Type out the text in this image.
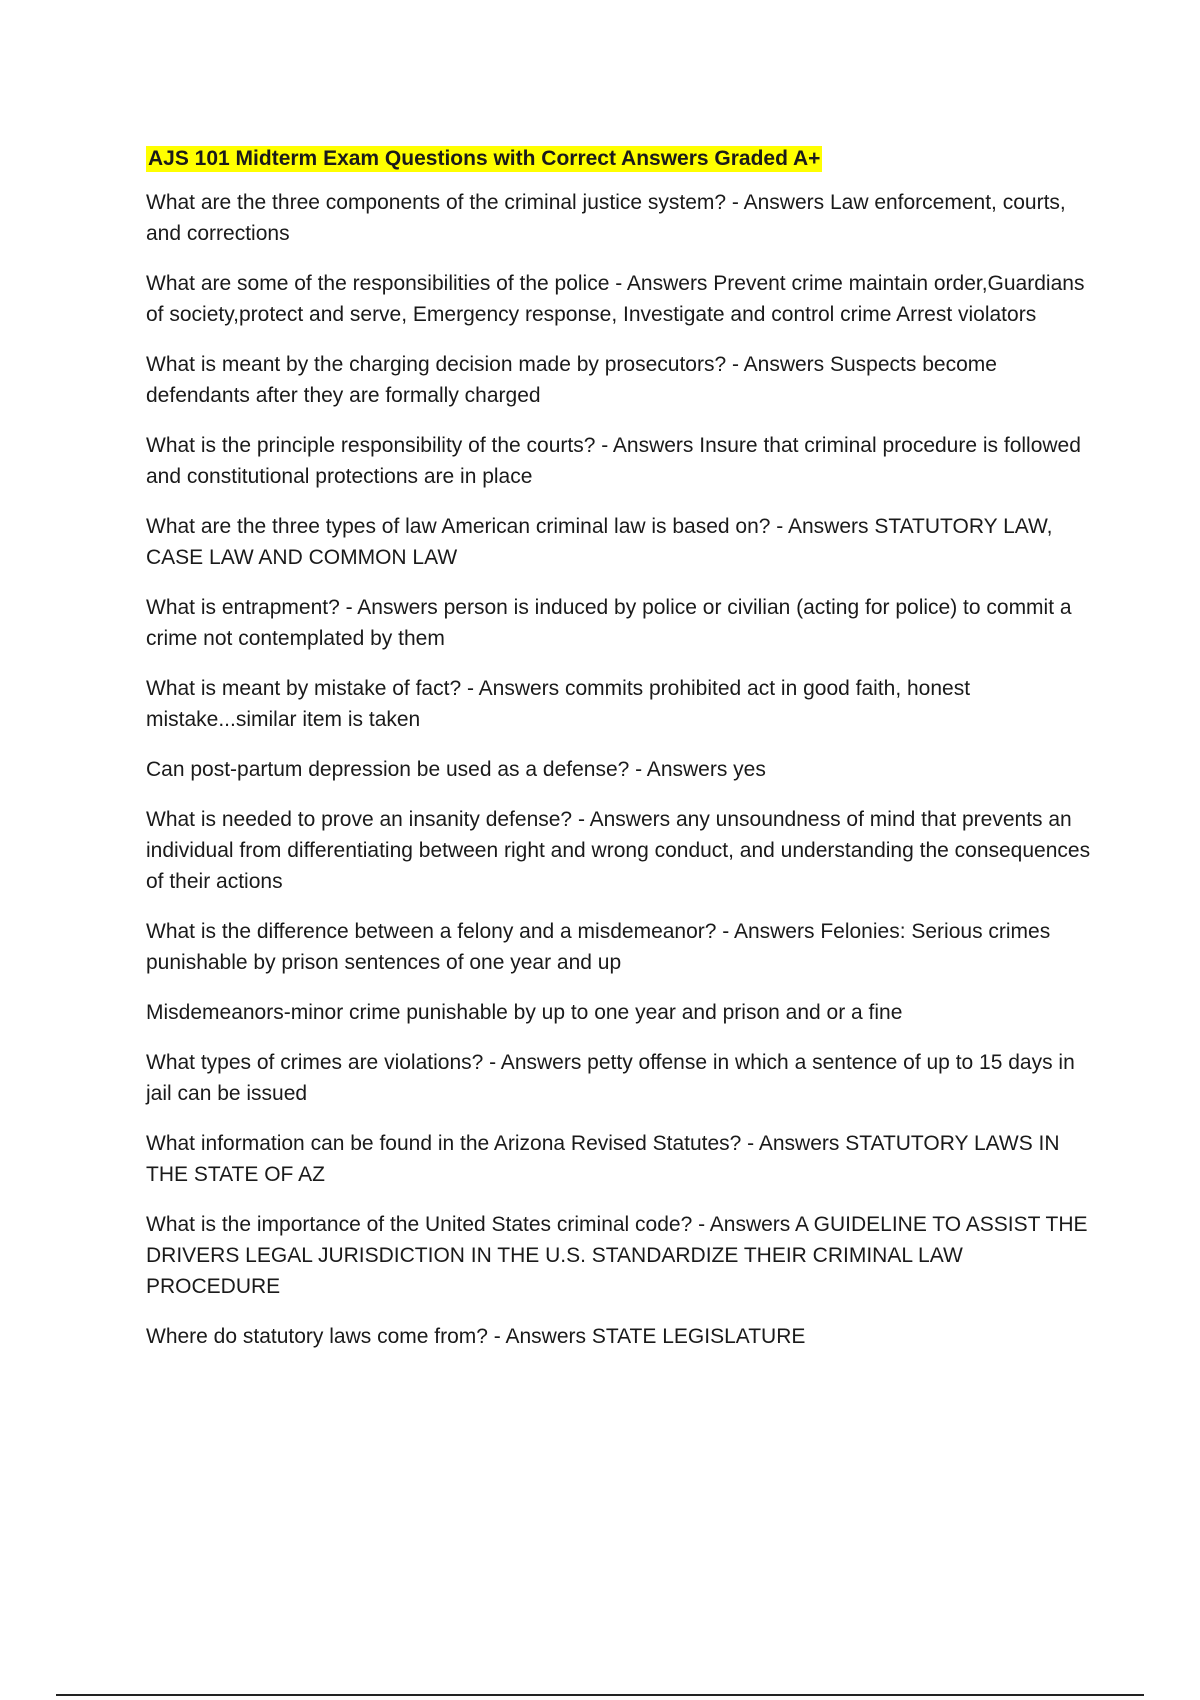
AJS 101 Midterm Exam Questions with Correct Answers Graded A+

What are the three components of the criminal justice system? - Answers Law enforcement, courts, and corrections

What are some of the responsibilities of the police - Answers Prevent crime maintain order,Guardians of society,protect and serve, Emergency response, Investigate and control crime Arrest violators

What is meant by the charging decision made by prosecutors? - Answers Suspects become defendants after they are formally charged

What is the principle responsibility of the courts? - Answers Insure that criminal procedure is followed and constitutional protections are in place

What are the three types of law American criminal law is based on? - Answers STATUTORY LAW, CASE LAW AND COMMON LAW

What is entrapment? - Answers person is induced by police or civilian (acting for police) to commit a crime not contemplated by them

What is meant by mistake of fact? - Answers commits prohibited act in good faith, honest mistake...similar item is taken

Can post-partum depression be used as a defense? - Answers yes

What is needed to prove an insanity defense? - Answers any unsoundness of mind that prevents an individual from differentiating between right and wrong conduct, and understanding the consequences of their actions

What is the difference between a felony and a misdemeanor? - Answers Felonies: Serious crimes punishable by prison sentences of one year and up

Misdemeanors-minor crime punishable by up to one year and prison and or a fine

What types of crimes are violations? - Answers petty offense in which a sentence of up to 15 days in jail can be issued

What information can be found in the Arizona Revised Statutes? - Answers STATUTORY LAWS IN THE STATE OF AZ

What is the importance of the United States criminal code? - Answers A GUIDELINE TO ASSIST THE DRIVERS LEGAL JURISDICTION IN THE U.S. STANDARDIZE THEIR CRIMINAL LAW PROCEDURE

Where do statutory laws come from? - Answers STATE LEGISLATURE
